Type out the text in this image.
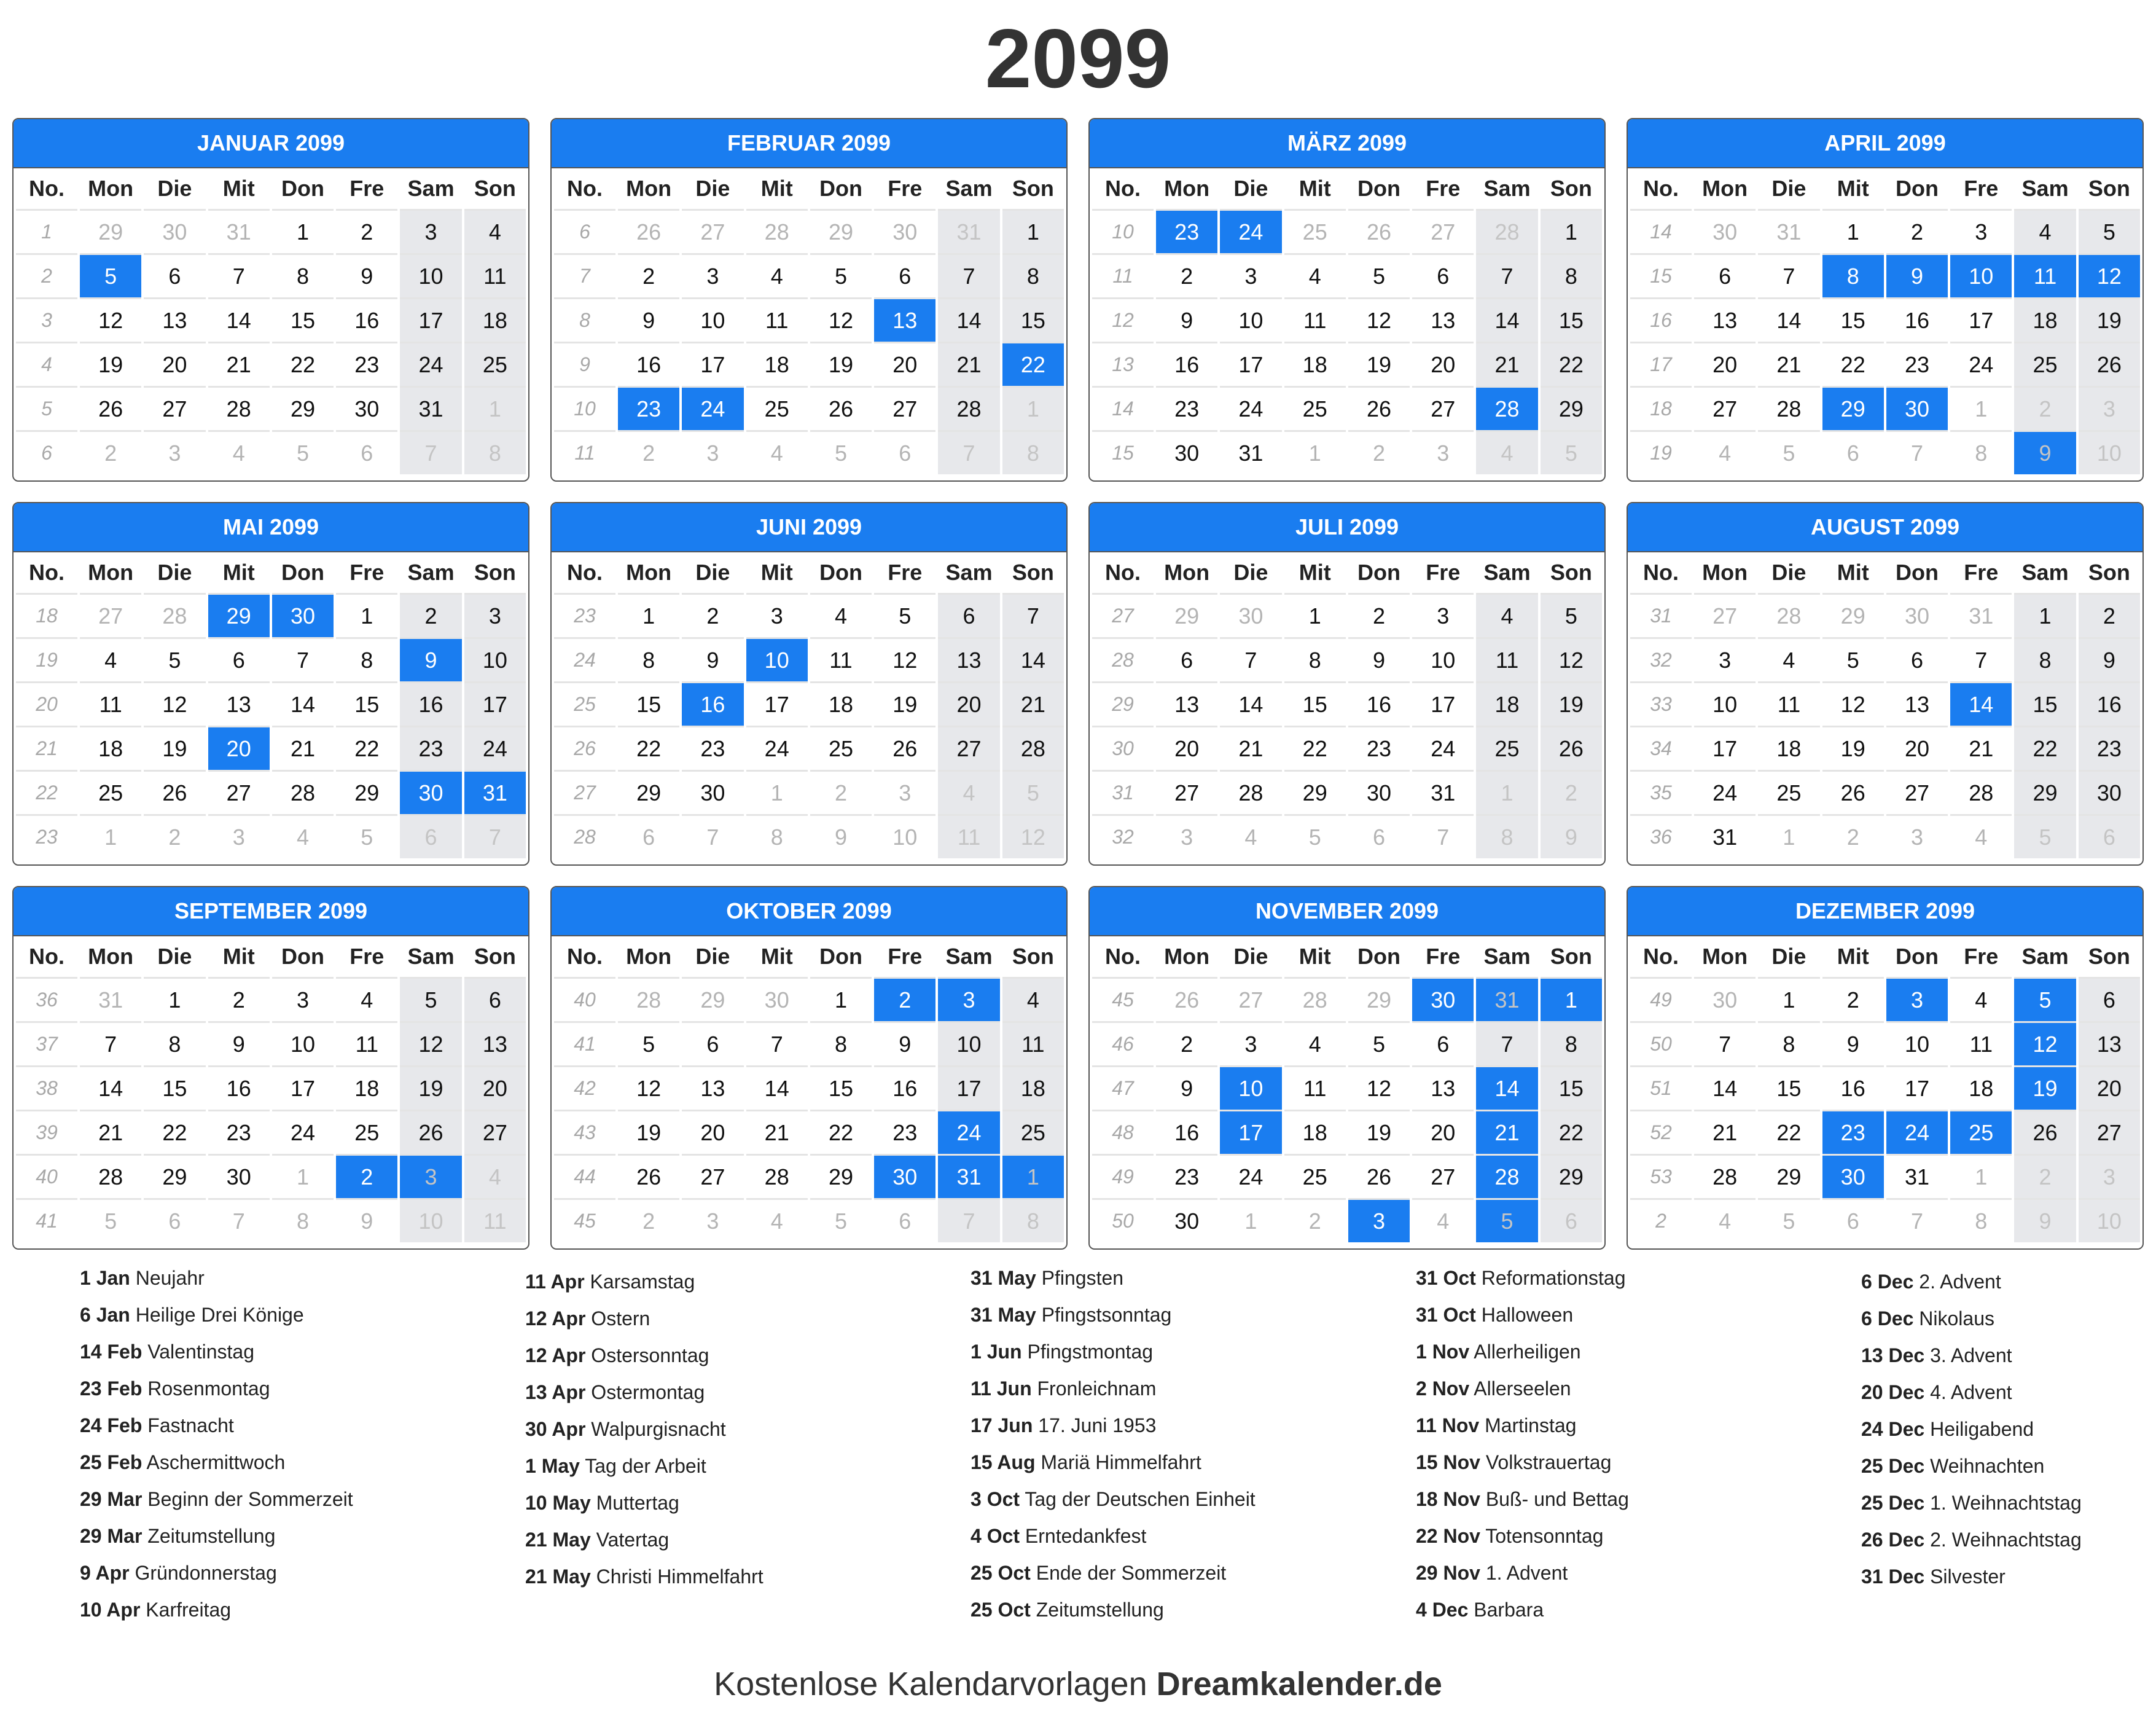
2099
JANUAR 2099
No.	Mon	Die	Mit	Don	Fre	Sam Son
1	29	30	31	1	2	3	4
2	5	6	7	8	9	10	11
3	12	13	14	15	16	17	18
4	19	20	21	22	23	24	25
5	26	27	28	29	30	31	1
6	2	3	4	5	6	7	8
FEBRUAR 2099
No.	Mon	Die	Mit	Don	Fre	Sam Son
6	26	27	28	29	30	31	1
7	2	3	4	5	6	7	8
8	9	10	11	12	13	14	15
9	16	17	18	19	20	21	22
10	23	24	25	26	27	28	1
11	2	3	4	5	6	7	8
MÄRZ 2099
No.	Mon	Die	Mit	Don	Fre	Sam Son
10	23	24	25	26	27	28	1
11	2	3	4	5	6	7	8
12	9	10	11	12	13	14	15
13	16	17	18	19	20	21	22
14	23	24	25	26	27	28	29
15	30	31	1	2	3	4	5
APRIL 2099
No.	Mon	Die	Mit	Don	Fre	Sam Son
14	30	31	1	2	3	4	5
15	6	7	8	9	10	11	12
16	13	14	15	16	17	18	19
17	20	21	22	23	24	25	26
18	27	28	29	30	1	2	3
19	4	5	6	7	8	9	10
MAI 2099
No.	Mon	Die	Mit	Don	Fre	Sam Son
18	27	28	29	30	1	2	3
19	4	5	6	7	8	9	10
20	11	12	13	14	15	16	17
21	18	19	20	21	22	23	24
22	25	26	27	28	29	30	31
23	1	2	3	4	5	6	7
JUNI 2099
No.	Mon	Die	Mit	Don	Fre	Sam Son
23	1	2	3	4	5	6	7
24	8	9	10	11	12	13	14
25	15	16	17	18	19	20	21
26	22	23	24	25	26	27	28
27	29	30	1	2	3	4	5
28	6	7	8	9	10	11	12
JULI 2099
No.	Mon	Die	Mit	Don	Fre	Sam Son
27	29	30	1	2	3	4	5
28	6	7	8	9	10	11	12
29	13	14	15	16	17	18	19
30	20	21	22	23	24	25	26
31	27	28	29	30	31	1	2
32	3	4	5	6	7	8	9
AUGUST 2099
No.	Mon	Die	Mit	Don	Fre	Sam Son
31	27	28	29	30	31	1	2
32	3	4	5	6	7	8	9
33	10	11	12	13	14	15	16
34	17	18	19	20	21	22	23
35	24	25	26	27	28	29	30
36	31	1	2	3	4	5	6
SEPTEMBER 2099
No.	Mon	Die	Mit	Don	Fre	Sam Son
36	31	1	2	3	4	5	6
37	7	8	9	10	11	12	13
38	14	15	16	17	18	19	20
39	21	22	23	24	25	26	27
40	28	29	30	1	2	3	4
41	5	6	7	8	9	10	11
OKTOBER 2099
No.	Mon	Die	Mit	Don	Fre	Sam Son
40	28	29	30	1	2	3	4
41	5	6	7	8	9	10	11
42	12	13	14	15	16	17	18
43	19	20	21	22	23	24	25
44	26	27	28	29	30	31	1
45	2	3	4	5	6	7	8
NOVEMBER 2099
No.	Mon	Die	Mit	Don	Fre	Sam Son
45	26	27	28	29	30	31	1
46	2	3	4	5	6	7	8
47	9	10	11	12	13	14	15
48	16	17	18	19	20	21	22
49	23	24	25	26	27	28	29
50	30	1	2	3	4	5	6
DEZEMBER 2099
No.	Mon	Die	Mit	Don	Fre	Sam Son
49	30	1	2	3	4	5	6
50	7	8	9	10	11	12	13
51	14	15	16	17	18	19	20
52	21	22	23	24	25	26	27
53	28	29	30	31	1	2	3
2	4	5	6	7	8	9	10
1 Jan Neujahr
6 Jan Heilige Drei Könige
14 Feb Valentinstag
23 Feb Rosenmontag
24 Feb Fastnacht
25 Feb Aschermittwoch
29 Mar Beginn der Sommerzeit
29 Mar Zeitumstellung
9 Apr Gründonnerstag
10 Apr Karfreitag
11 Apr Karsamstag
12 Apr Ostern
12 Apr Ostersonntag
13 Apr Ostermontag
30 Apr Walpurgisnacht
1 May Tag der Arbeit
10 May Muttertag
21 May Vatertag
21 May Christi Himmelfahrt
31 May Pfingsten
31 May Pfingstsonntag
1 Jun Pfingstmontag
11 Jun Fronleichnam
17 Jun 17. Juni 1953
15 Aug Mariä Himmelfahrt
3 Oct Tag der Deutschen Einheit
4 Oct Erntedankfest
25 Oct Ende der Sommerzeit
25 Oct Zeitumstellung
31 Oct Reformationstag
31 Oct Halloween
1 Nov Allerheiligen
2 Nov Allerseelen
11 Nov Martinstag
15 Nov Volkstrauertag
18 Nov Buß- und Bettag
22 Nov Totensonntag
29 Nov 1. Advent
4 Dec Barbara
6 Dec 2. Advent
6 Dec Nikolaus
13 Dec 3. Advent
20 Dec 4. Advent
24 Dec Heiligabend
25 Dec Weihnachten
25 Dec 1. Weihnachtstag
26 Dec 2. Weihnachtstag
31 Dec Silvester
Kostenlose Kalendarvorlagen Dreamkalender.de
